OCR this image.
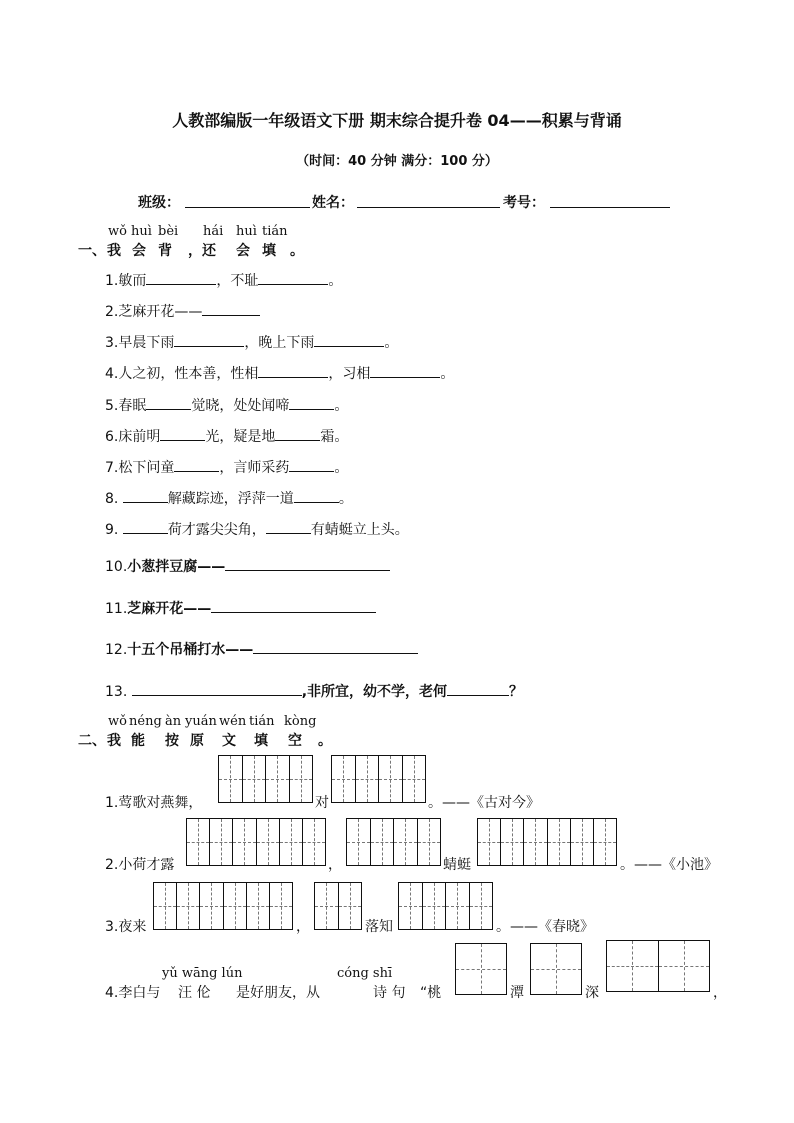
人教部编版一年级语文下册 期末综合提升卷 04——积累与背诵
（时间：40 分钟 满分：100 分）
班级：	姓名：	考号：
wǒ huì bèi hái huì tián
一、 我 会 背 ，还 会 填 。
1.敏而	，不耻	。
2.芝麻开花——
3.早晨下雨	，晚上下雨	。
4.人之初，性本善，性相	，习相	。
5.春眠	觉晓，处处闻啼	。
6.床前明	光，疑是地	霜。
7.松下问童	，言师采药	。
8.	解藏踪迹，浮萍一道	。
9.	荷才露尖尖角，	有蜻蜓立上头。
10.小葱拌豆腐——
11.芝麻开花——
12.十五个吊桶打水——
13.	,非所宜，幼不学，老何	？
wǒ néng àn yuán wén tián kòng
二、 我 能 按 原 文 填 空 。
1.莺歌对燕舞，	对	。——《古对今》
2.小荷才露	，	蜻蜓	。——《小池》
3.夜来	，	落知	。——《春晓》
4.李白与
yǔ wāng lún
汪 伦 是好朋友，从
cóng shī
诗 句 “桃	潭	深	，
